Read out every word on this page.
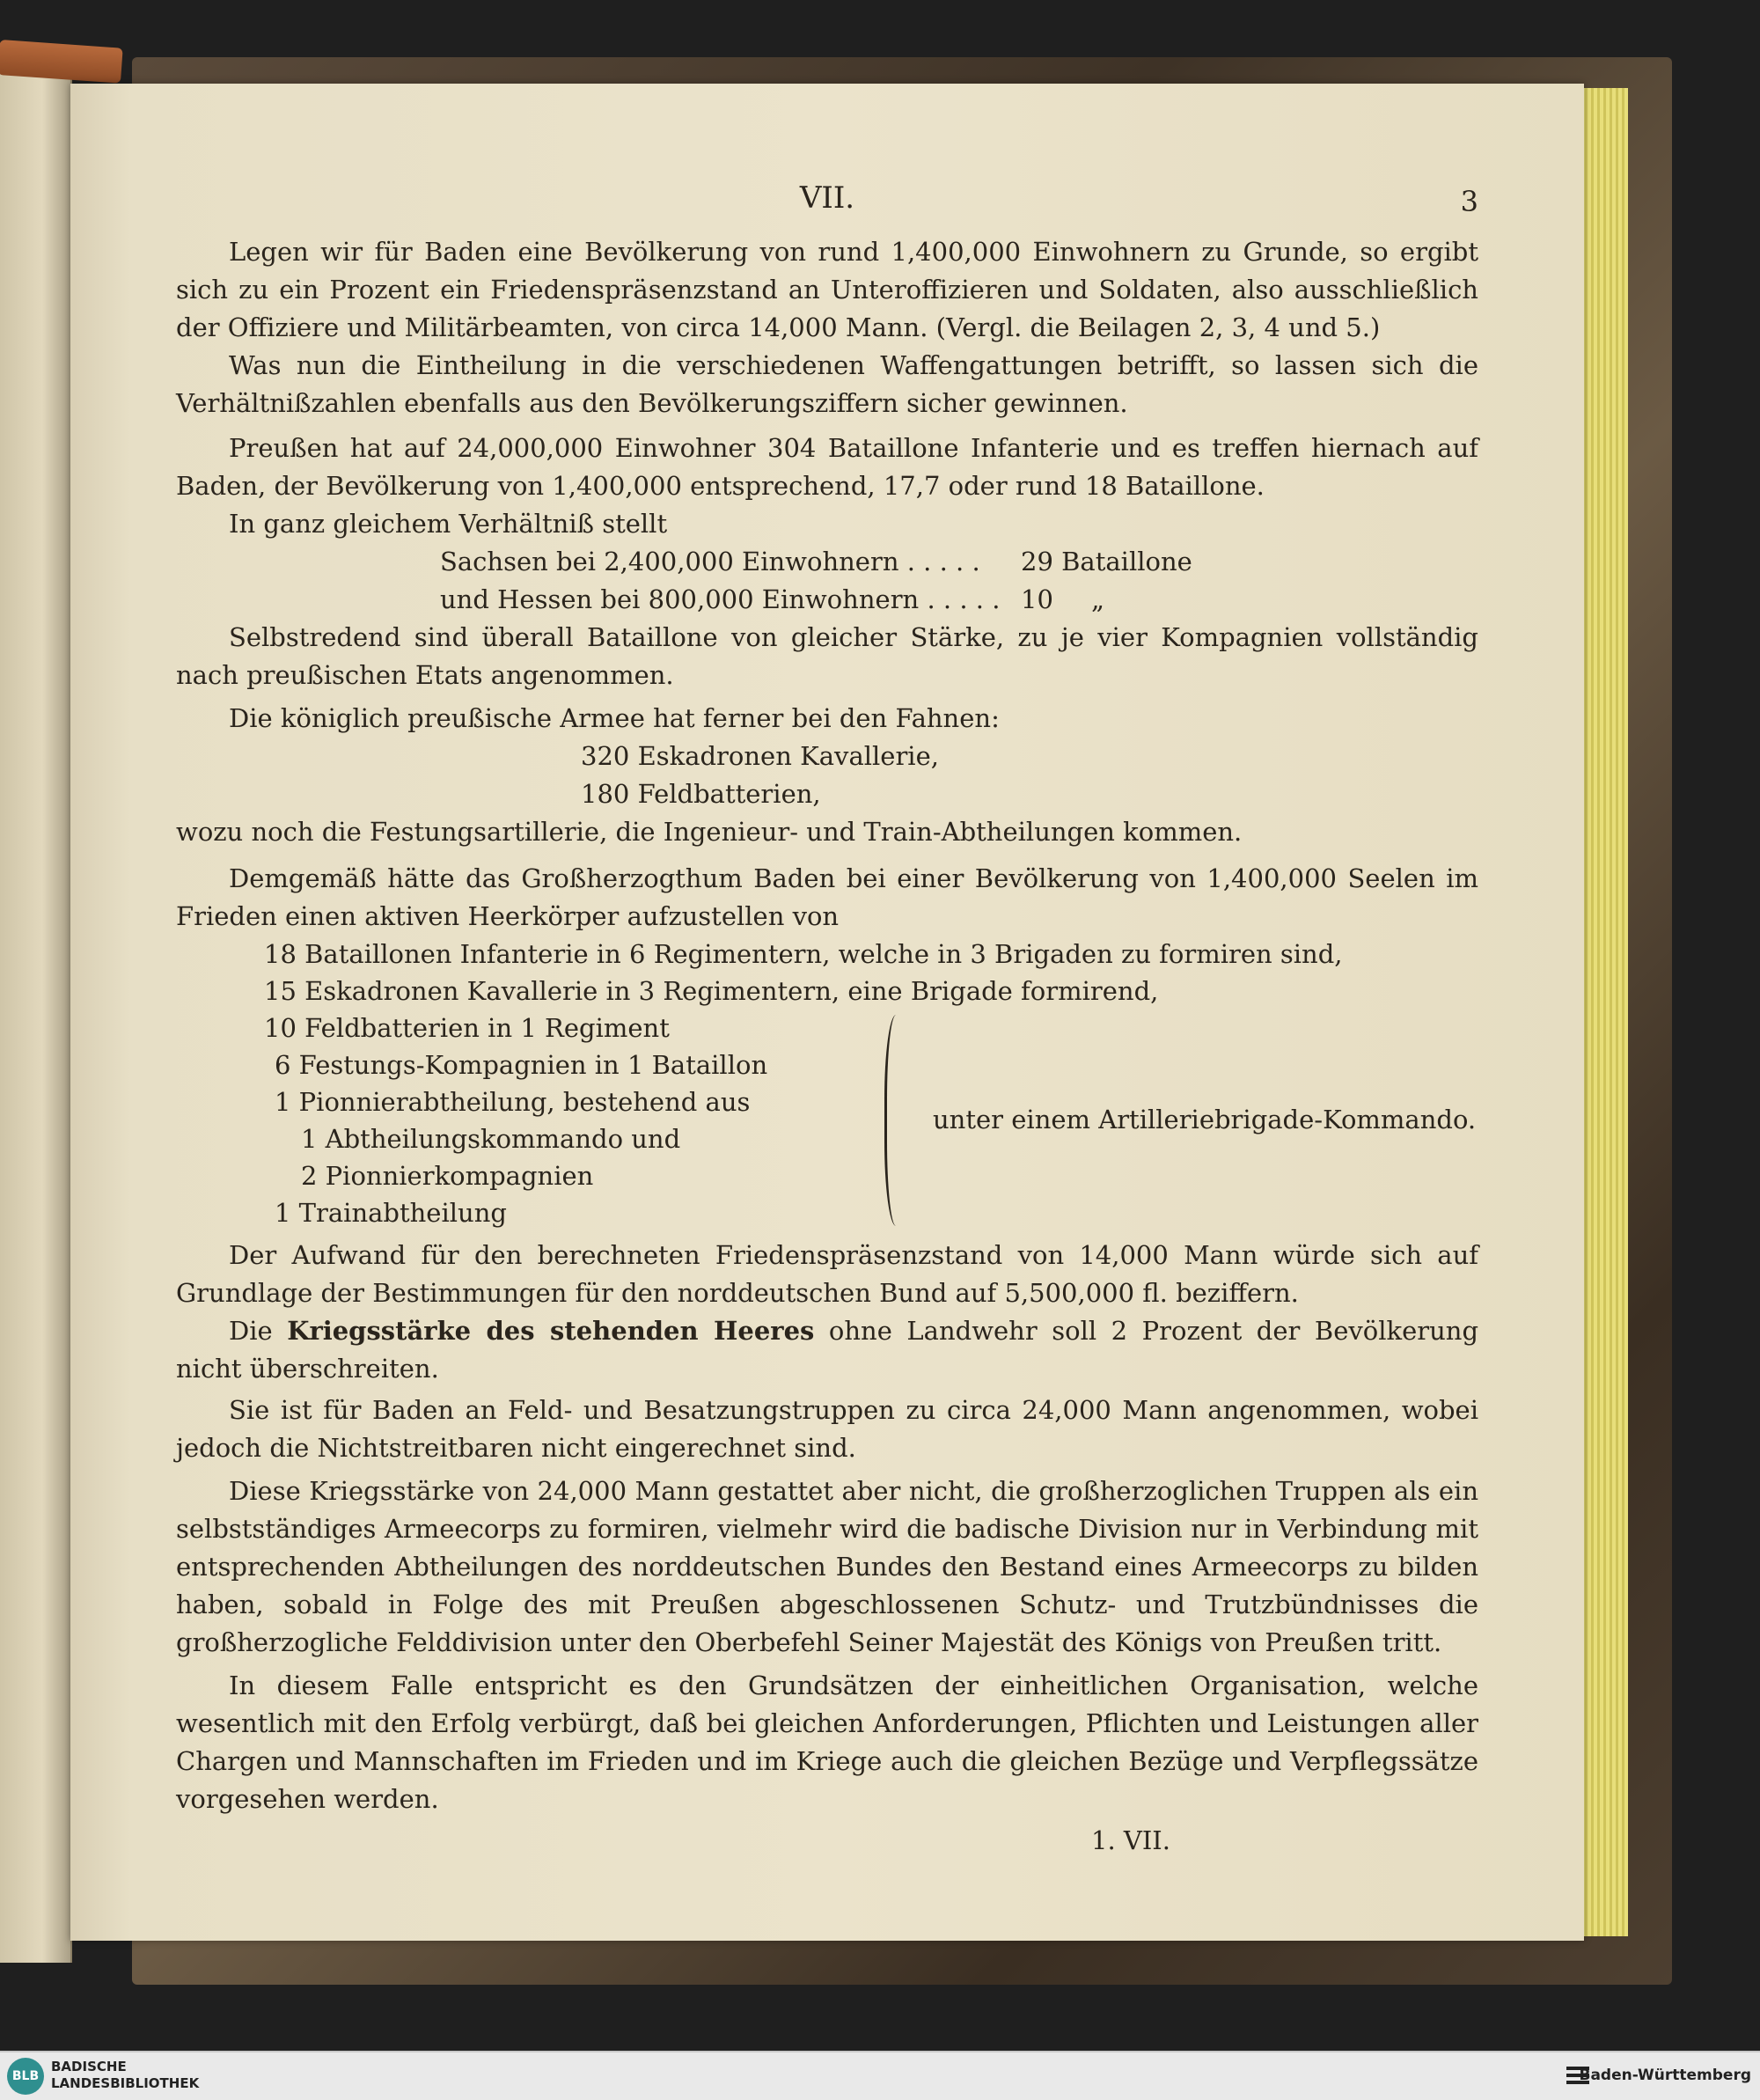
VII.	3

Legen wir für Baden eine Bevölkerung von rund 1,400,000 Einwohnern zu Grunde, so ergibt sich zu ein Prozent ein Friedenspräsenzstand an Unteroffizieren und Soldaten, also ausschließlich der Offiziere und Militärbeamten, von circa 14,000 Mann. (Vergl. die Beilagen 2, 3, 4 und 5.)

Was nun die Eintheilung in die verschiedenen Waffengattungen betrifft, so lassen sich die Verhältnißzahlen ebenfalls aus den Bevölkerungsziffern sicher gewinnen.

Preußen hat auf 24,000,000 Einwohner 304 Bataillone Infanterie und es treffen hiernach auf Baden, der Bevölkerung von 1,400,000 entsprechend, 17,7 oder rund 18 Bataillone.

In ganz gleichem Verhältniß stellt

Sachsen bei 2,400,000 Einwohnern . . . . .	29 Bataillone
und Hessen bei 800,000 Einwohnern . . . . . 10	„

Selbstredend sind überall Bataillone von gleicher Stärke, zu je vier Kompagnien vollständig nach preußischen Etats angenommen.

Die königlich preußische Armee hat ferner bei den Fahnen:

320 Eskadronen Kavallerie,
180 Feldbatterien,

wozu noch die Festungsartillerie, die Ingenieur- und Train-Abtheilungen kommen.

Demgemäß hätte das Großherzogthum Baden bei einer Bevölkerung von 1,400,000 Seelen im Frieden einen aktiven Heerkörper aufzustellen von

18 Bataillonen Infanterie in 6 Regimentern, welche in 3 Brigaden zu formiren sind,
15 Eskadronen Kavallerie in 3 Regimentern, eine Brigade formirend,
10 Feldbatterien in 1 Regiment
6 Festungs-Kompagnien in 1 Bataillon
1 Pionnierabtheilung, bestehend aus
1 Abtheilungskommando und
2 Pionnierkompagnien
1 Trainabtheilung
unter einem Artilleriebrigade-Kommando.

Der Aufwand für den berechneten Friedenspräsenzstand von 14,000 Mann würde sich auf Grundlage der Bestimmungen für den norddeutschen Bund auf 5,500,000 fl. beziffern.

Die Kriegsstärke des stehenden Heeres ohne Landwehr soll 2 Prozent der Bevölkerung nicht überschreiten.

Sie ist für Baden an Feld- und Besatzungstruppen zu circa 24,000 Mann angenommen, wobei jedoch die Nichtstreitbaren nicht eingerechnet sind.

Diese Kriegsstärke von 24,000 Mann gestattet aber nicht, die großherzoglichen Truppen als ein selbstständiges Armeecorps zu formiren, vielmehr wird die badische Division nur in Verbindung mit entsprechenden Abtheilungen des norddeutschen Bundes den Bestand eines Armeecorps zu bilden haben, sobald in Folge des mit Preußen abgeschlossenen Schutz- und Trutzbündnisses die großherzogliche Felddivision unter den Oberbefehl Seiner Majestät des Königs von Preußen tritt.

In diesem Falle entspricht es den Grundsätzen der einheitlichen Organisation, welche wesentlich mit den Erfolg verbürgt, daß bei gleichen Anforderungen, Pflichten und Leistungen aller Chargen und Mannschaften im Frieden und im Kriege auch die gleichen Bezüge und Verpflegssätze vorgesehen werden.

1. VII.
BLB
BADISCHE
LANDESBIBLIOTHEK	Baden-Württemberg
